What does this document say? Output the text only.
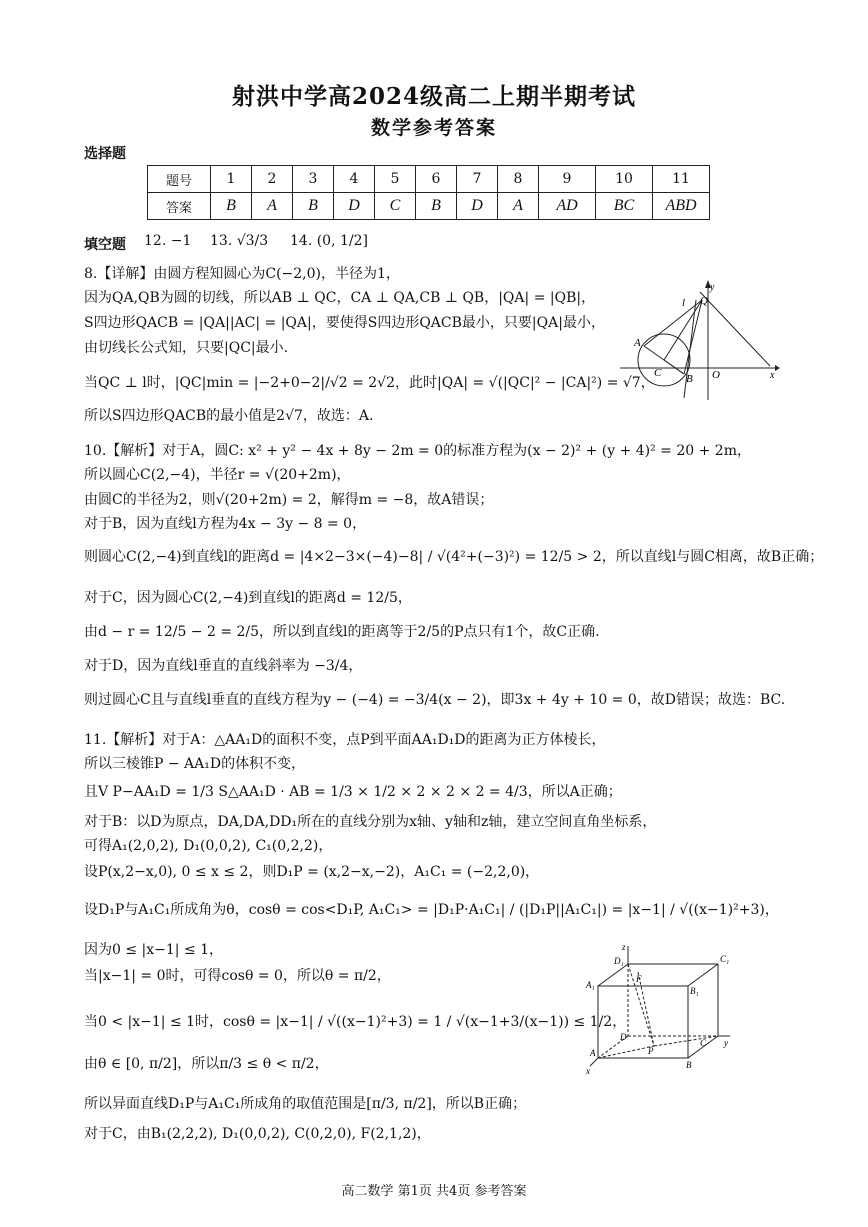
射洪中学高2024级高二上期半期考试
数学参考答案
选择题
题号	1	2	3	4	5	6	7	8	9	10	11
答案	B	A	B	D	C	B	D	A	AD	BC	ABD
填空题 12. −1 13. √3/3 14. (0, 1/2]
8.【详解】由圆方程知圆心为C(−2,0)，半径为1，
因为QA,QB为圆的切线，所以AB ⊥ QC，CA ⊥ QA,CB ⊥ QB，|QA| = |QB|，
S四边形QACB = |QA||AC| = |QA|，要使得S四边形QACB最小，只要|QA|最小，
由切线长公式知，只要|QC|最小.
当QC ⊥ l时，|QC|min = |−2+0−2|/√2 = 2√2，此时|QA| = √(|QC|² − |CA|²) = √7，
所以S四边形QACB的最小值是2√7，故选：A.
y
x
l Q
A
C B O
10.【解析】对于A，圆C: x² + y² − 4x + 8y − 2m = 0的标准方程为(x − 2)² + (y + 4)² = 20 + 2m，
所以圆心C(2,−4)，半径r = √(20+2m)，
由圆C的半径为2，则√(20+2m) = 2，解得m = −8，故A错误；
对于B，因为直线l方程为4x − 3y − 8 = 0，
则圆心C(2,−4)到直线l的距离d = |4×2−3×(−4)−8| / √(4²+(−3)²) = 12/5 > 2，所以直线l与圆C相离，故B正确；
对于C，因为圆心C(2,−4)到直线l的距离d = 12/5，
由d − r = 12/5 − 2 = 2/5，所以到直线l的距离等于2/5的P点只有1个，故C正确.
对于D，因为直线l垂直的直线斜率为 −3/4，
则过圆心C且与直线l垂直的直线方程为y − (−4) = −3/4(x − 2)，即3x + 4y + 10 = 0，故D错误；故选：BC.
11.【解析】对于A：△AA₁D的面积不变，点P到平面AA₁D₁D的距离为正方体棱长，
所以三棱锥P − AA₁D的体积不变，
且V P−AA₁D = 1/3 S△AA₁D · AB = 1/3 × 1/2 × 2 × 2 × 2 = 4/3，所以A正确；
对于B：以D为原点，DA,DA,DD₁所在的直线分别为x轴、y轴和z轴，建立空间直角坐标系，
可得A₁(2,0,2), D₁(0,0,2), C₁(0,2,2)，
设P(x,2−x,0), 0 ≤ x ≤ 2，则D₁P = (x,2−x,−2)，A₁C₁ = (−2,2,0)，
设D₁P与A₁C₁所成角为θ，cosθ = cos<D₁P, A₁C₁> = |D₁P·A₁C₁| / (|D₁P||A₁C₁|) = |x−1| / √((x−1)²+3)，
因为0 ≤ |x−1| ≤ 1，
当|x−1| = 0时，可得cosθ = 0，所以θ = π/2，
当0 < |x−1| ≤ 1时，cosθ = |x−1| / √((x−1)²+3) = 1 / √(x−1+3/(x−1)) ≤ 1/2，
由θ ∈ [0, π/2]，所以π/3 ≤ θ < π/2，
所以异面直线D₁P与A₁C₁所成角的取值范围是[π/3, π/2]，所以B正确；
对于C，由B₁(2,2,2), D₁(0,0,2), C(0,2,0), F(2,1,2)，
z
D₁	C₁
A₁
B₁
F
D
P
C y
A
B
x
高二数学 第1页 共4页 参考答案
